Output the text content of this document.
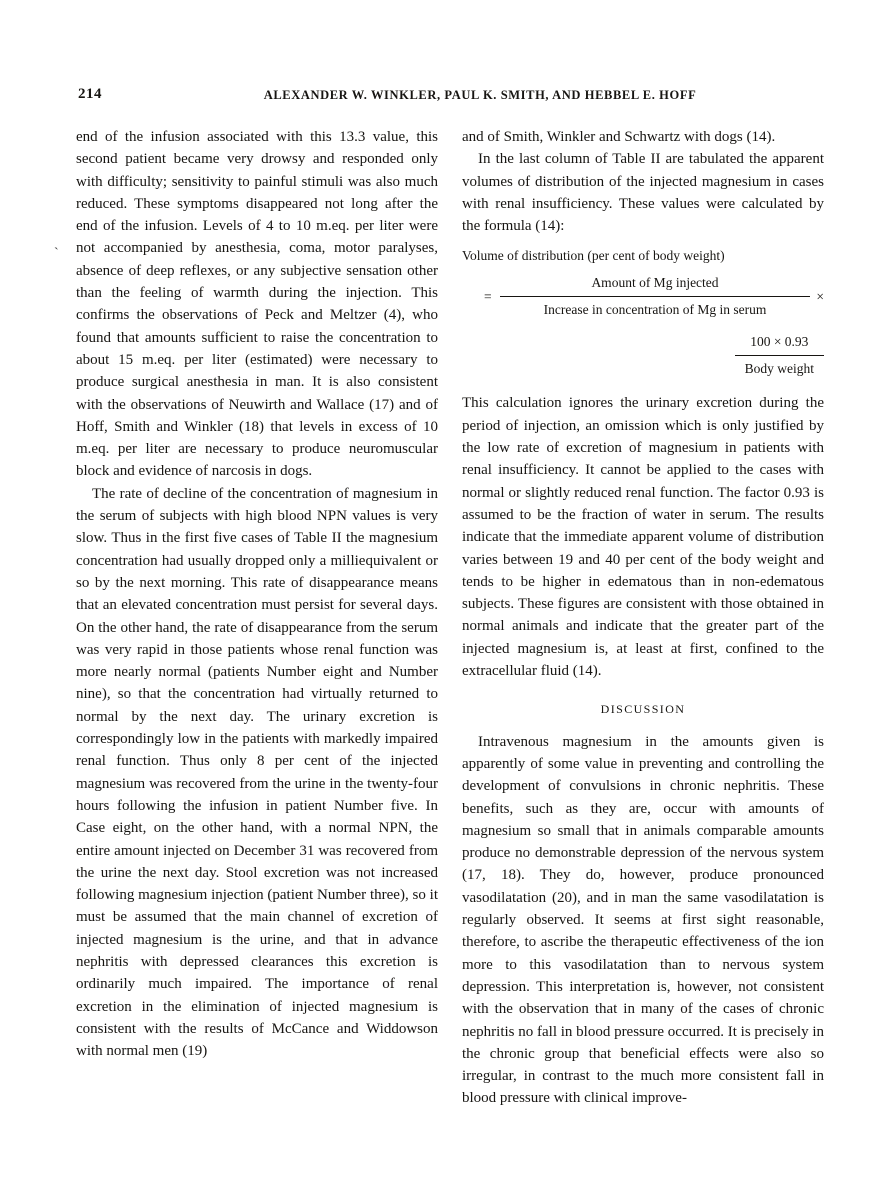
`
214	ALEXANDER W. WINKLER, PAUL K. SMITH, AND HEBBEL E. HOFF

end of the infusion associated with this 13.3 value, this second patient became very drowsy and responded only with difficulty; sensitivity to painful stimuli was also much reduced. These symptoms disappeared not long after the end of the infusion. Levels of 4 to 10 m.eq. per liter were not accompanied by anesthesia, coma, motor paralyses, absence of deep reflexes, or any subjective sensation other than the feeling of warmth during the injection. This confirms the observations of Peck and Meltzer (4), who found that amounts sufficient to raise the concentration to about 15 m.eq. per liter (estimated) were necessary to produce surgical anesthesia in man. It is also consistent with the observations of Neuwirth and Wallace (17) and of Hoff, Smith and Winkler (18) that levels in excess of 10 m.eq. per liter are necessary to produce neuromuscular block and evidence of narcosis in dogs.

The rate of decline of the concentration of magnesium in the serum of subjects with high blood NPN values is very slow. Thus in the first five cases of Table II the magnesium concentration had usually dropped only a milliequivalent or so by the next morning. This rate of disappearance means that an elevated concentration must persist for several days. On the other hand, the rate of disappearance from the serum was very rapid in those patients whose renal function was more nearly normal (patients Number eight and Number nine), so that the concentration had virtually returned to normal by the next day. The urinary excretion is correspondingly low in the patients with markedly impaired renal function. Thus only 8 per cent of the injected magnesium was recovered from the urine in the twenty-four hours following the infusion in patient Number five. In Case eight, on the other hand, with a normal NPN, the entire amount injected on December 31 was recovered from the urine the next day. Stool excretion was not increased following magnesium injection (patient Number three), so it must be assumed that the main channel of excretion of injected magnesium is the urine, and that in advance nephritis with depressed clearances this excretion is ordinarily much impaired. The importance of renal excretion in the elimination of injected magnesium is consistent with the results of McCance and Widdowson with normal men (19)

and of Smith, Winkler and Schwartz with dogs (14).

In the last column of Table II are tabulated the apparent volumes of distribution of the injected magnesium in cases with renal insufficiency. These values were calculated by the formula (14):

Volume of distribution (per cent of body weight)
= $\frac{\text{Amount of Mg injected}}{\text{Increase in concentration of Mg in serum}}$ ×
$\frac{100 \times 0.93}{\text{Body weight}}$

This calculation ignores the urinary excretion during the period of injection, an omission which is only justified by the low rate of excretion of magnesium in patients with renal insufficiency. It cannot be applied to the cases with normal or slightly reduced renal function. The factor 0.93 is assumed to be the fraction of water in serum. The results indicate that the immediate apparent volume of distribution varies between 19 and 40 per cent of the body weight and tends to be higher in edematous than in non-edematous subjects. These figures are consistent with those obtained in normal animals and indicate that the greater part of the injected magnesium is, at least at first, confined to the extracellular fluid (14).

DISCUSSION

Intravenous magnesium in the amounts given is apparently of some value in preventing and controlling the development of convulsions in chronic nephritis. These benefits, such as they are, occur with amounts of magnesium so small that in animals comparable amounts produce no demonstrable depression of the nervous system (17, 18). They do, however, produce pronounced vasodilatation (20), and in man the same vasodilatation is regularly observed. It seems at first sight reasonable, therefore, to ascribe the therapeutic effectiveness of the ion more to this vasodilatation than to nervous system depression. This interpretation is, however, not consistent with the observation that in many of the cases of chronic nephritis no fall in blood pressure occurred. It is precisely in the chronic group that beneficial effects were also so irregular, in contrast to the much more consistent fall in blood pressure with clinical improve-
